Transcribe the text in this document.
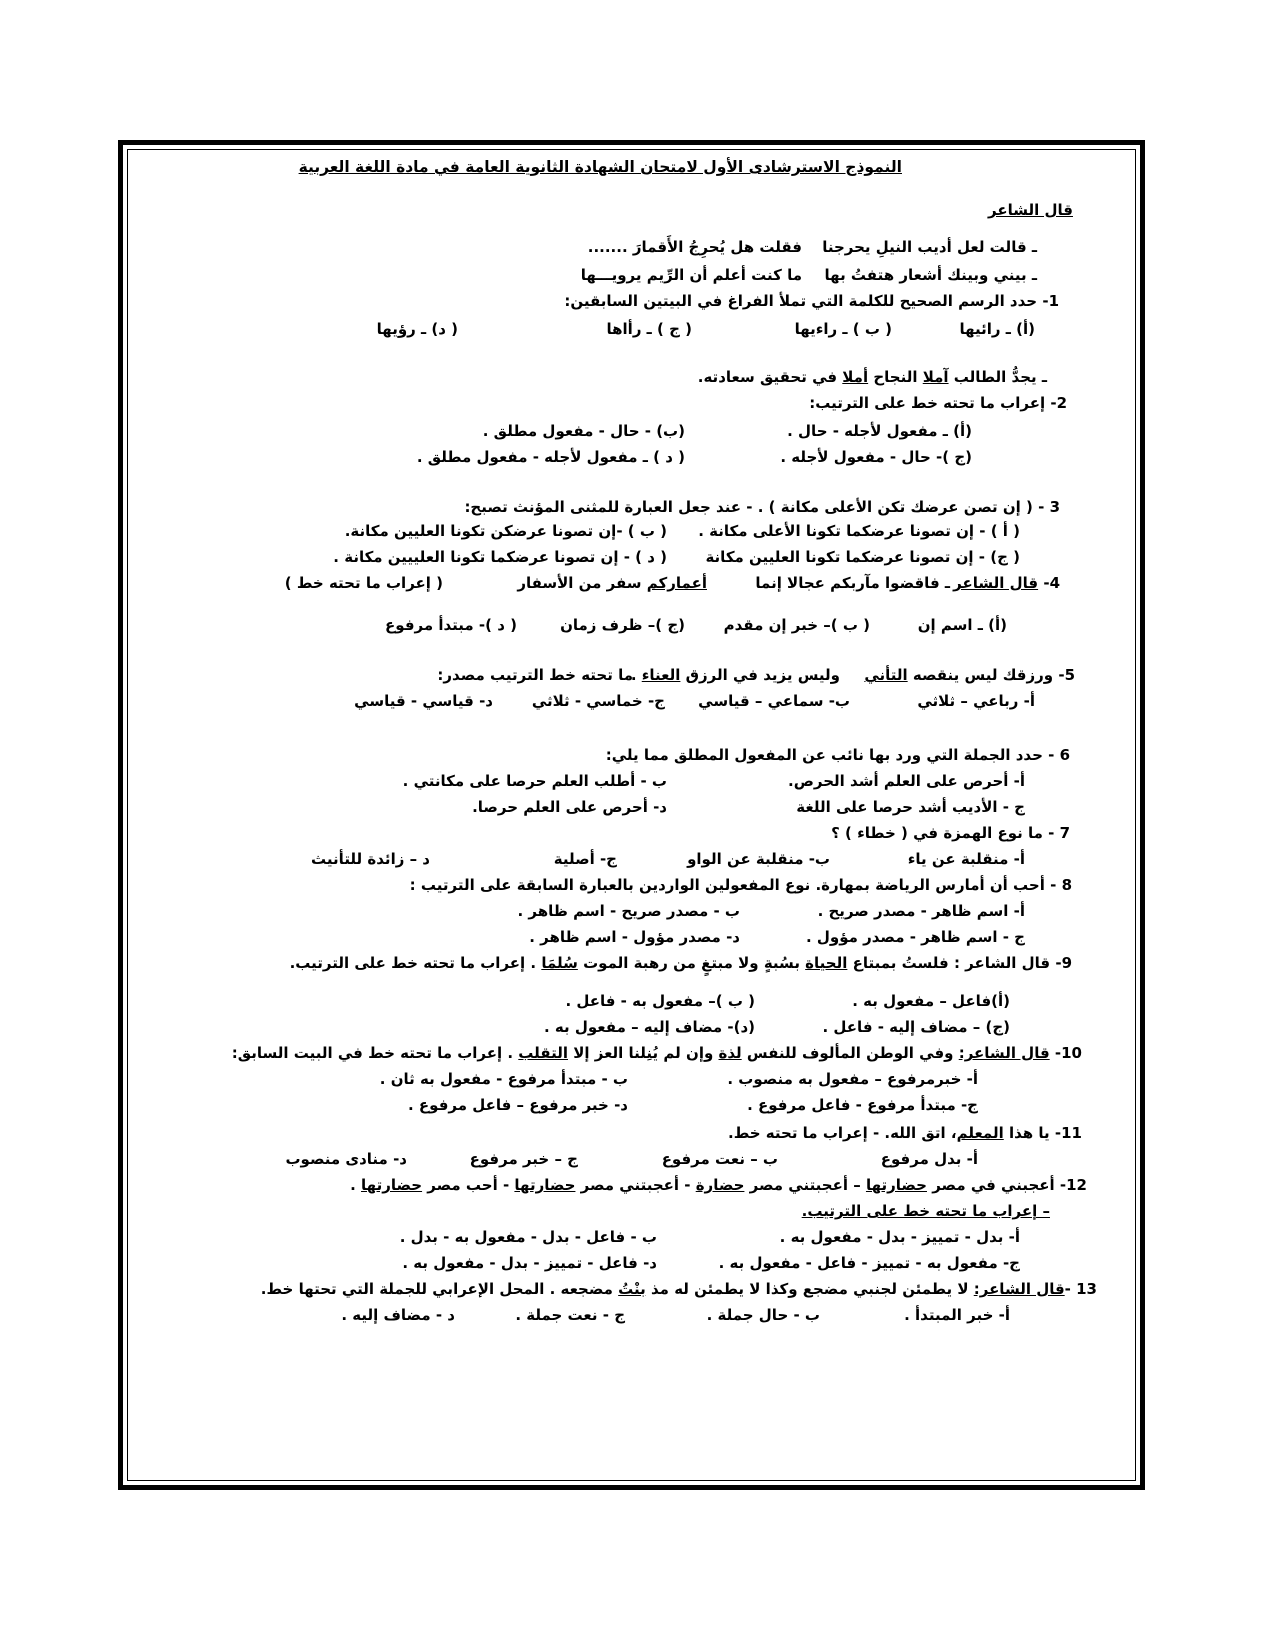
النموذج الاسترشادى الأول لامتحان الشهادة الثانوية العامة في مادة اللغة العربية
قال الشاعر
ـ قالت لعل أديب النيلِ يحرجنا
فقلت هل يُحرِجُ الأَقمارَ .......
ـ بيني وبينك أشعار هتفتُ بها
ما كنت أعلم أن الرِّيم يرويـــها
1- حدد الرسم الصحيح للكلمة التي تملأ الفراغ في البيتين السابقين:
(أ) ـ رائيها
( ب ) ـ راءيها
( ج ) ـ رأاها
( د) ـ رؤيها
ـ يجدُّ الطالب آملا النجاح أملا في تحقيق سعادته.
2- إعراب ما تحته خط على الترتيب:
(أ) ـ مفعول لأجله - حال .
(ب) - حال - مفعول مطلق .
(ج )- حال - مفعول لأجله .
( د ) ـ مفعول لأجله - مفعول مطلق .
3 - ( إن تصن عرضك تكن الأعلى مكانة ) . - عند جعل العبارة للمثنى المؤنث تصبح:
( أ ) - إن تصونا عرضكما تكونا الأعلى مكانة .
( ب ) -إن تصونا عرضكن تكونا العليين مكانة.
( ج) - إن تصونا عرضكما تكونا العليين مكانة
( د ) - إن تصونا عرضكما تكونا العلييين مكانة .
4- قال الشاعر
ـ فاقضوا مآربكم عجالا إنما
أعماركم سفر من الأسفار
( إعراب ما تحته خط )
(أ) ـ اسم إن
( ب )– خبر إن مقدم
(ج )– ظرف زمان
( د )- مبتدأ مرفوع
5- ورزقك ليس ينقصه التأني
وليس يزيد في الرزق العناء .
ما تحته خط الترتيب مصدر:
أ- رباعي – ثلاثي
ب- سماعي – قياسي
ج- خماسي - ثلاثي
د- قياسي - قياسي
6 - حدد الجملة التي ورد بها نائب عن المفعول المطلق مما يلي:
أ- أحرص على العلم أشد الحرص.
ب - أطلب العلم حرصا على مكانتي .
ج - الأديب أشد حرصا على اللغة
د- أحرص على العلم حرصا.
7 - ما نوع الهمزة في ( خطاء ) ؟
أ- منقلبة عن ياء
ب- منقلبة عن الواو
ج- أصلية
د – زائدة للتأنيث
8 - أحب أن أمارس الرياضة بمهارة. نوع المفعولين الواردين بالعبارة السابقة على الترتيب :
أ- اسم ظاهر - مصدر صريح .
ب - مصدر صريح - اسم ظاهر .
ج - اسم ظاهر - مصدر مؤول .
د- مصدر مؤول - اسم ظاهر .
9- قال الشاعر : فلستُ بمبتاع الحياة بسُبةٍ ولا مبتغٍ من رهبة الموت سُلمَا . إعراب ما تحته خط على الترتيب.
(أ)فاعل – مفعول به .
( ب )– مفعول به - فاعل .
(ج) – مضاف إليه - فاعل .
(د)- مضاف إليه – مفعول به .
10- قال الشاعر: وفي الوطن المألوف للنفس لذة وإن لم يُنِلنا العز إلا التقلب . إعراب ما تحته خط في البيت السابق:
أ- خبرمرفوع – مفعول به منصوب .
ب - مبتدأ مرفوع - مفعول به ثان .
ج- مبتدأ مرفوع - فاعل مرفوع .
د- خبر مرفوع – فاعل مرفوع .
11- يا هذا المعلم، اتق الله. - إعراب ما تحته خط.
أ- بدل مرفوع
ب – نعت مرفوع
ج – خبر مرفوع
د- منادى منصوب
12- أعجبني في مصر حضارتها – أعجبتني مصر حضارة - أعجبتني مصر حضارتها - أحب مصر حضارتها .
– إعراب ما تحته خط على الترتيب.
أ- بدل - تمييز - بدل - مفعول به .
ب - فاعل - بدل - مفعول به - بدل .
ج- مفعول به - تمييز - فاعل - مفعول به .
د- فاعل - تمييز - بدل - مفعول به .
13 -قال الشاعر: لا يطمئن لجنبي مضجع وكذا لا يطمئن له مذ بنْتُ مضجعه . المحل الإعرابي للجملة التي تحتها خط.
أ- خبر المبتدأ .
ب - حال جملة .
ج - نعت جملة .
د - مضاف إليه .
